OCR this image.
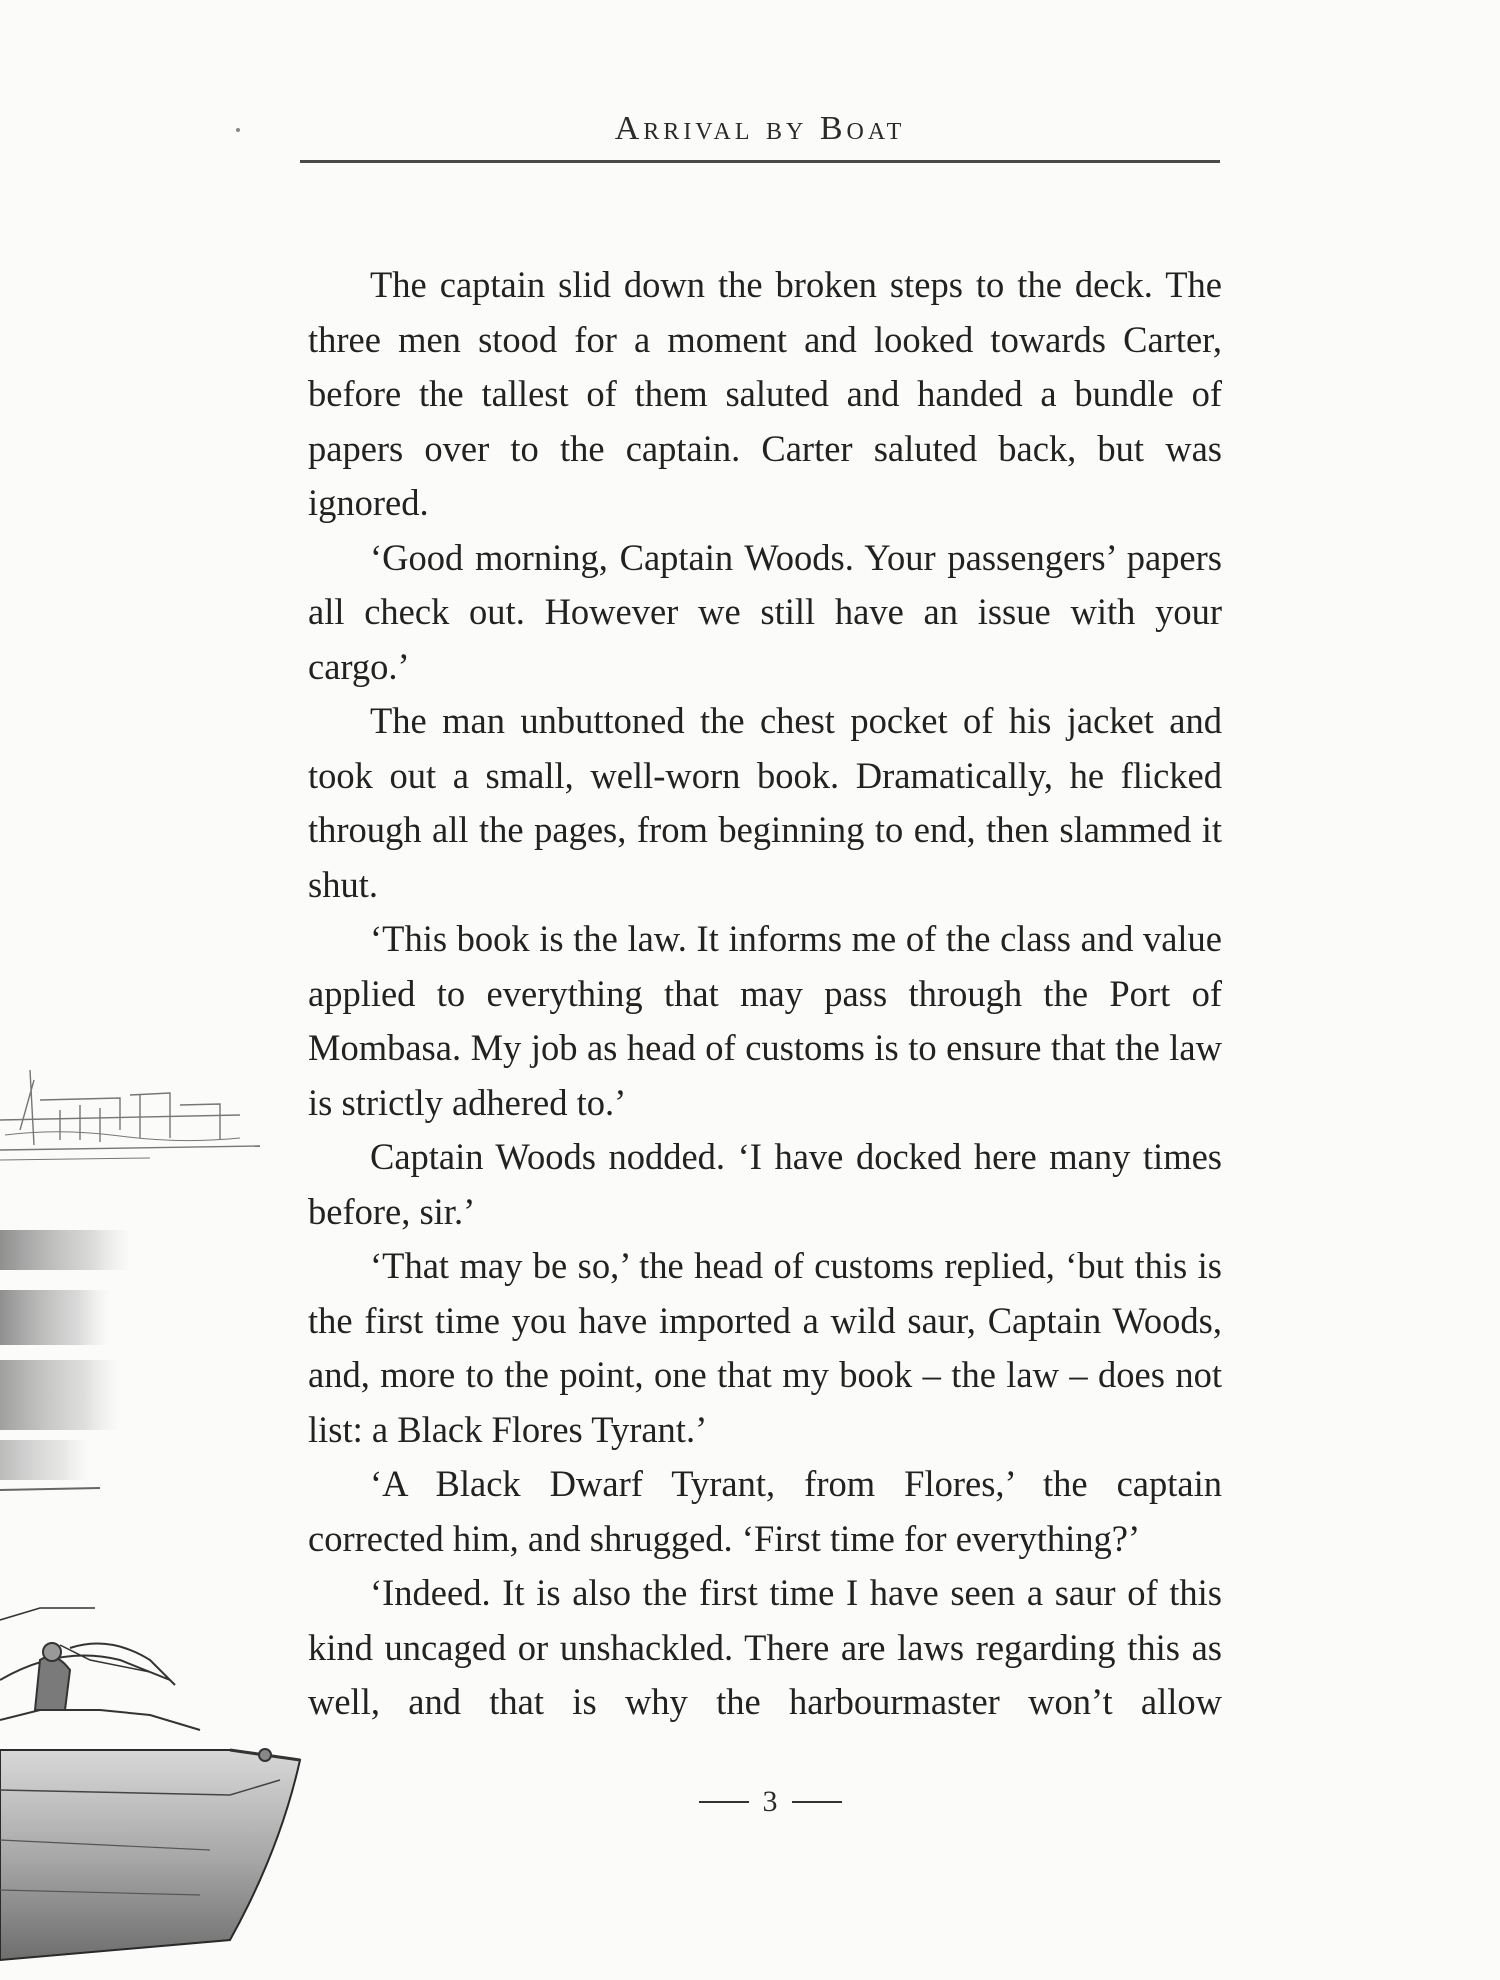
Arrival by Boat

The captain slid down the broken steps to the deck. The three men stood for a moment and looked towards Carter, before the tallest of them saluted and handed a bundle of papers over to the captain. Carter saluted back, but was ignored.

‘Good morning, Captain Woods. Your passengers’ papers all check out. However we still have an issue with your cargo.’

The man unbuttoned the chest pocket of his jacket and took out a small, well-worn book. Dramatically, he flicked through all the pages, from beginning to end, then slammed it shut.

‘This book is the law. It informs me of the class and value applied to everything that may pass through the Port of Mombasa. My job as head of customs is to ensure that the law is strictly adhered to.’

Captain Woods nodded. ‘I have docked here many times before, sir.’

‘That may be so,’ the head of customs replied, ‘but this is the first time you have imported a wild saur, Captain Woods, and, more to the point, one that my book – the law – does not list: a Black Flores Tyrant.’

‘A Black Dwarf Tyrant, from Flores,’ the captain corrected him, and shrugged. ‘First time for everything?’

‘Indeed. It is also the first time I have seen a saur of this kind uncaged or unshackled. There are laws regarding this as well, and that is why the harbourmaster won’t allow

3
